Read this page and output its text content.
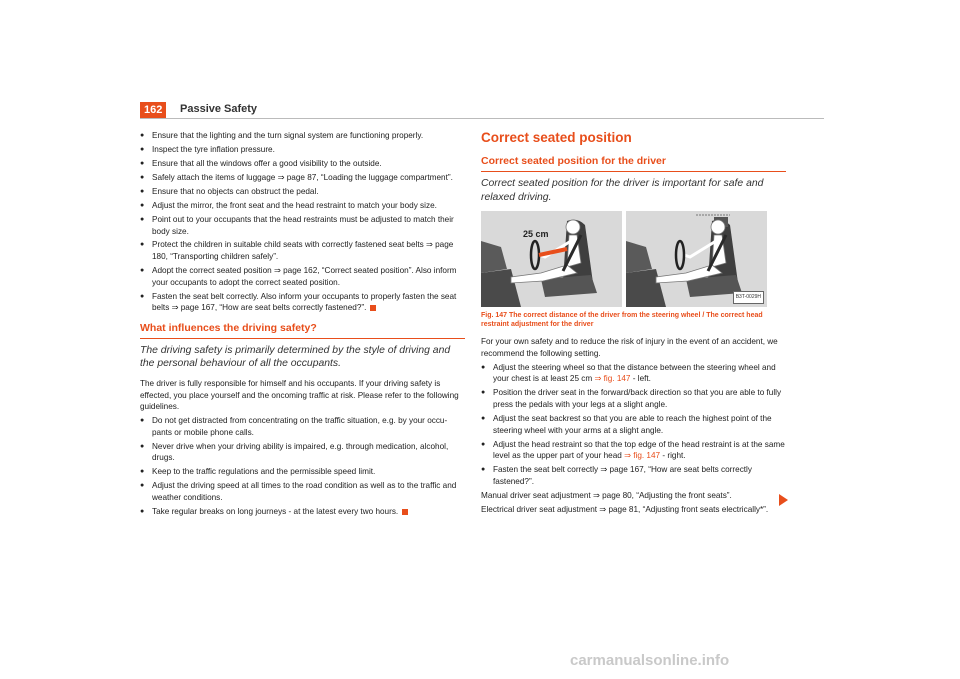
162	Passive Safety
● Ensure that the lighting and the turn signal system are functioning properly.
● Inspect the tyre inflation pressure.
● Ensure that all the windows offer a good visibility to the outside.
● Safely attach the items of luggage ⇒ page 87, “Loading the luggage compartment”.
● Ensure that no objects can obstruct the pedal.
● Adjust the mirror, the front seat and the head restraint to match your body size.
● Point out to your occupants that the head restraints must be adjusted to match their body size.
● Protect the children in suitable child seats with correctly fastened seat belts ⇒ page 180, “Transporting children safely”.
● Adopt the correct seated position ⇒ page 162, “Correct seated position”. Also inform your occupants to adopt the correct seated position.
● Fasten the seat belt correctly. Also inform your occupants to properly fasten the seat belts ⇒ page 167, “How are seat belts correctly fastened?”.
What influences the driving safety?
The driving safety is primarily determined by the style of driving and the personal behaviour of all the occupants.
The driver is fully responsible for himself and his occupants. If your driving safety is effected, you place yourself and the oncoming traffic at risk. Please refer to the following guidelines.
● Do not get distracted from concentrating on the traffic situation, e.g. by your occu-pants or mobile phone calls.
● Never drive when your driving ability is impaired, e.g. through medication, alcohol, drugs.
● Keep to the traffic regulations and the permissible speed limit.
● Adjust the driving speed at all times to the road condition as well as to the traffic and weather conditions.
● Take regular breaks on long journeys - at the latest every two hours.
Correct seated position
Correct seated position for the driver
Correct seated position for the driver is important for safe and relaxed driving.
25 cm
B3T-0029H
Fig. 147 The correct distance of the driver from the steering wheel / The correct head restraint adjustment for the driver
For your own safety and to reduce the risk of injury in the event of an accident, we recommend the following setting.
● Adjust the steering wheel so that the distance between the steering wheel and your chest is at least 25 cm ⇒ fig. 147 - left.
● Position the driver seat in the forward/back direction so that you are able to fully press the pedals with your legs at a slight angle.
● Adjust the seat backrest so that you are able to reach the highest point of the steering wheel with your arms at a slight angle.
● Adjust the head restraint so that the top edge of the head restraint is at the same level as the upper part of your head ⇒ fig. 147 - right.
● Fasten the seat belt correctly ⇒ page 167, “How are seat belts correctly fastened?”.
Manual driver seat adjustment ⇒ page 80, “Adjusting the front seats”.
Electrical driver seat adjustment ⇒ page 81, “Adjusting front seats electrically*”.
carmanualsonline.info
